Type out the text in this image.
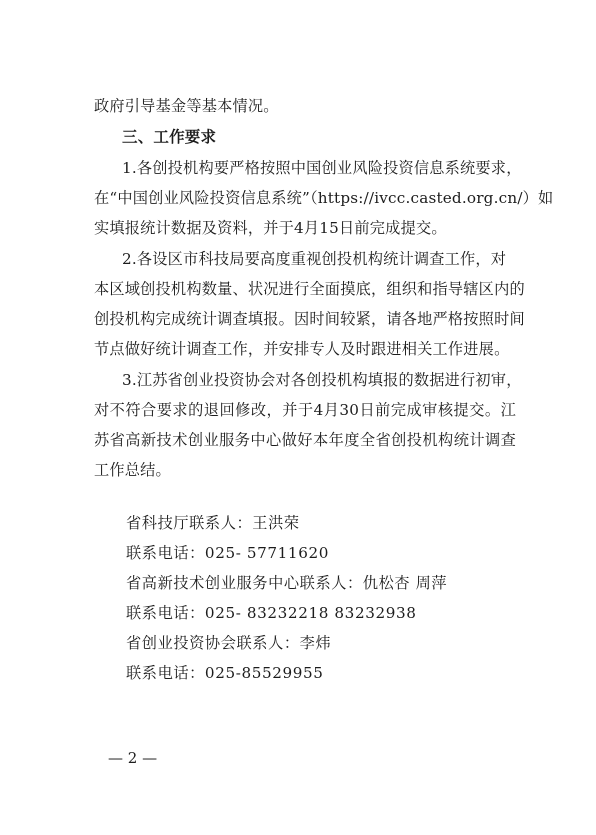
政府引导基金等基本情况。
三、工作要求
1.各创投机构要严格按照中国创业风险投资信息系统要求，
在“中国创业风险投资信息系统”（https://ivcc.casted.org.cn/）如
实填报统计数据及资料，并于4月15日前完成提交。
2.各设区市科技局要高度重视创投机构统计调查工作，对
本区域创投机构数量、状况进行全面摸底，组织和指导辖区内的
创投机构完成统计调查填报。因时间较紧，请各地严格按照时间
节点做好统计调查工作，并安排专人及时跟进相关工作进展。
3.江苏省创业投资协会对各创投机构填报的数据进行初审，
对不符合要求的退回修改，并于4月30日前完成审核提交。江
苏省高新技术创业服务中心做好本年度全省创投机构统计调查
工作总结。
省科技厅联系人：王洪荣
联系电话：025- 57711620
省高新技术创业服务中心联系人：仇松杏 周萍
联系电话：025- 83232218 83232938
省创业投资协会联系人：李炜
联系电话：025-85529955
— 2 —
